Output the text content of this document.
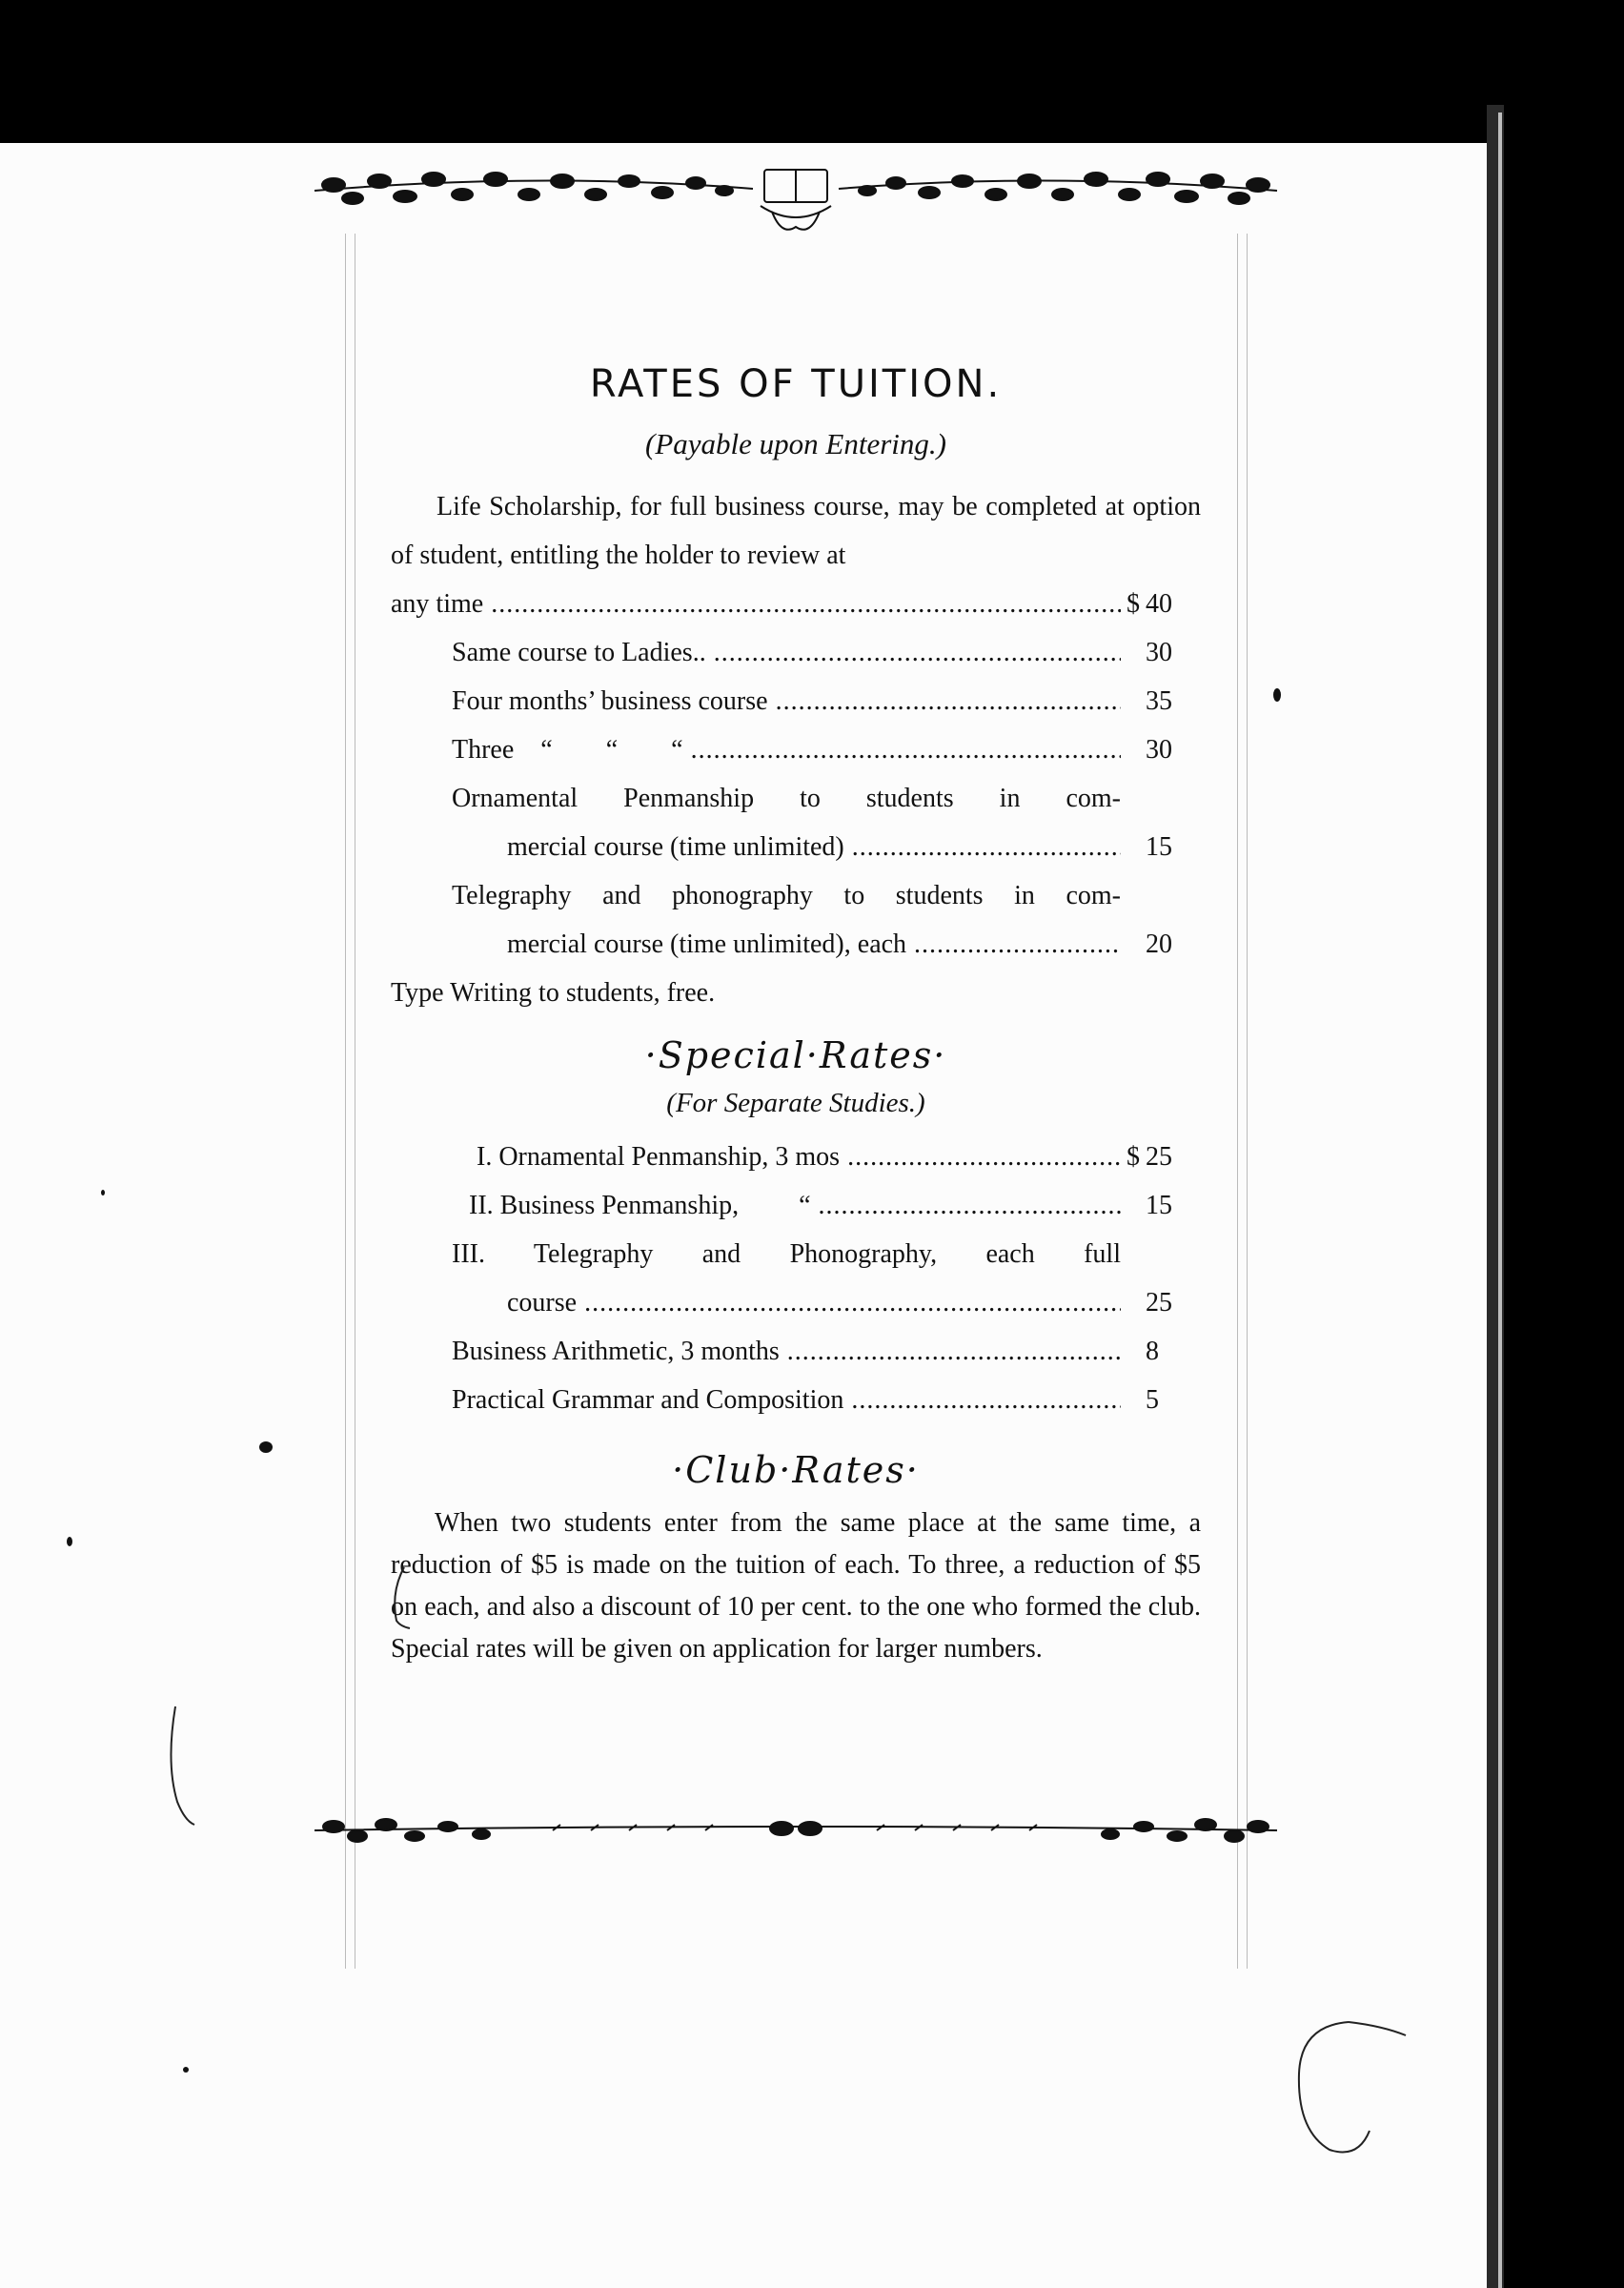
RATES OF TUITION.
(Payable upon Entering.)

Life Scholarship, for full business course, may be completed at option of student, entitling the holder to review at

any time .....	$ 40
Same course to Ladies.. .....	30
Four months’ business course .....	35
Three    “        “        “ .....	30
Ornamental Penmanship to students in com-
mercial course (time unlimited) .....	15
Telegraphy and phonography to students in com-
mercial course (time unlimited), each .....	20
Type Writing to students, free.
·Special·Rates·
(For Separate Studies.)
I. Ornamental Penmanship, 3 mos .....	$ 25
II. Business Penmanship,         “ .....	15
III. Telegraphy and Phonography, each full
course .....	25
Business Arithmetic, 3 months .....	8
Practical Grammar and Composition .....	5
·Club·Rates·

When two students enter from the same place at the same time, a reduction of $5 is made on the tuition of each. To three, a reduction of $5 on each, and also a discount of 10 per cent. to the one who formed the club. Special rates will be given on application for larger numbers.
